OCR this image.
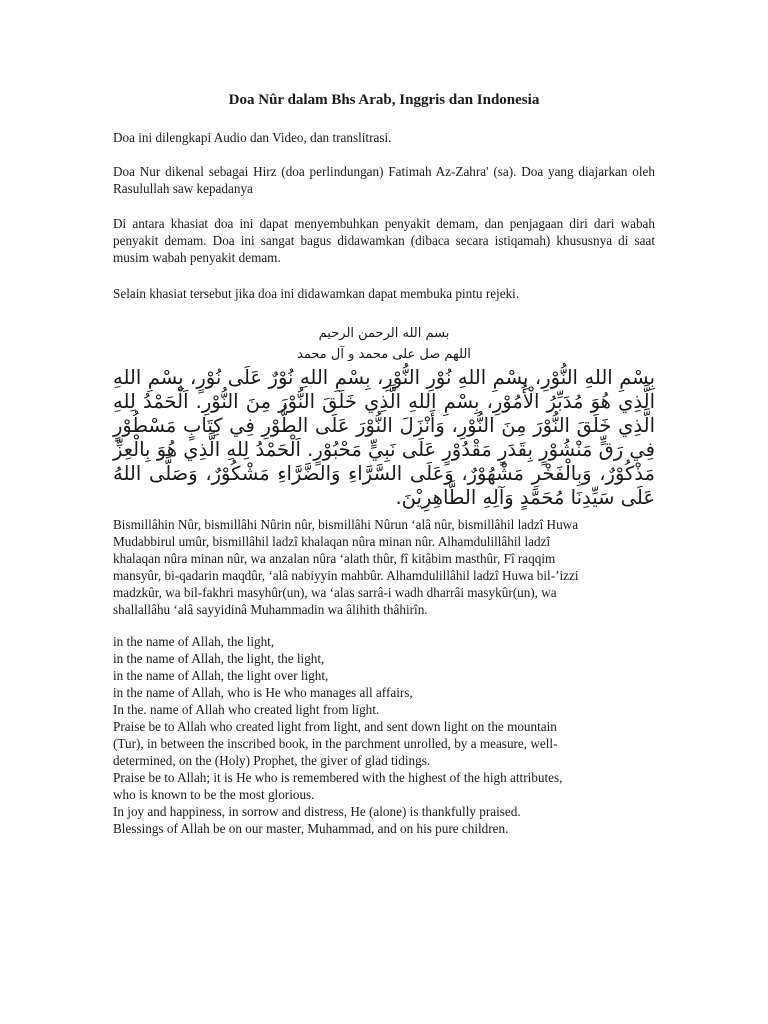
Doa Nûr dalam Bhs Arab, Inggris dan Indonesia

Doa ini dilengkapi Audio dan Video, dan translitrasi.

Doa Nur dikenal sebagai Hirz (doa perlindungan) Fatimah Az-Zahra' (sa). Doa yang diajarkan oleh Rasulullah saw kepadanya

Di antara khasiat doa ini dapat menyembuhkan penyakit demam, dan penjagaan diri dari wabah penyakit demam. Doa ini sangat bagus didawamkan (dibaca secara istiqamah) khususnya di saat musim wabah penyakit demam.

Selain khasiat tersebut jika doa ini didawamkan dapat membuka pintu rejeki.

بسم الله الرحمن الرحيم
اللهم صل على محمد و آل محمد
بِسْمِ اللهِ النُّوْرِ، بِسْمِ اللهِ نُوْرِ النُّوْرِ، بِسْمِ اللهِ نُوْرٌ عَلَى نُوْرٍ، بِسْمِ اللهِ الَّذِي هُوَ مُدَبِّرُ الْأُمُوْرِ، بِسْمِ اللهِ الَّذِي خَلَقَ النُّوْرَ مِنَ النُّوْرِ. اَلْحَمْدُ لِلهِ الَّذِي خَلَقَ النُّوْرَ مِنَ النُّوْرِ، وَأَنْزَلَ النُّوْرَ عَلَى الطُّوْرِ فِي كِتَابٍ مَسْطُوْرٍ فِي رَقٍّ مَنْشُوْرٍ بِقَدَرٍ مَقْدُوْرٍ عَلَى نَبِيٍّ مَحْبُوْرٍ. اَلْحَمْدُ لِلهِ الَّذِي هُوَ بِالْعِزِّ مَذْكُوْرٌ، وَبِالْفَخْرِ مَشْهُوْرٌ، وَعَلَى السَّرَّاءِ وَالضَّرَّاءِ مَشْكُوْرٌ، وَصَلَّى اللهُ عَلَى سَيِّدِنَا مُحَمَّدٍ وَآلِهِ الطَّاهِرِيْنَ.
Bismillâhin Nûr, bismillâhi Nûrin nûr, bismillâhi Nûrun ‘alâ nûr, bismillâhil ladzî Huwa
Mudabbirul umûr, bismillâhil ladzî khalaqan nûra minan nûr. Alhamdulillâhil ladzî
khalaqan nûra minan nûr, wa anzalan nûra ‘alath thûr, fî kitâbim masthûr, Fî raqqim
mansyûr, bi-qadarin maqdûr, ‘alâ nabiyyin mahbûr. Alhamdulillâhil ladzî Huwa bil-’izzi
madzkûr, wa bil-fakhri masyhûr(un), wa ‘alas sarrâ-i wadh dharrâi masykûr(un), wa
shallallâhu ‘alâ sayyidinâ Muhammadin wa âlihith thâhirîn.
in the name of Allah, the light,
in the name of Allah, the light, the light,
in the name of Allah, the light over light,
in the name of Allah, who is He who manages all affairs,
In the. name of Allah who created light from light.
Praise be to Allah who created light from light, and sent down light on the mountain
(Tur), in between the inscribed book, in the parchment unrolled, by a measure, well-
determined, on the (Holy) Prophet, the giver of glad tidings.
Praise be to Allah; it is He who is remembered with the highest of the high attributes,
who is known to be the most glorious.
In joy and happiness, in sorrow and distress, He (alone) is thankfully praised.
Blessings of Allah be on our master, Muhammad, and on his pure children.
